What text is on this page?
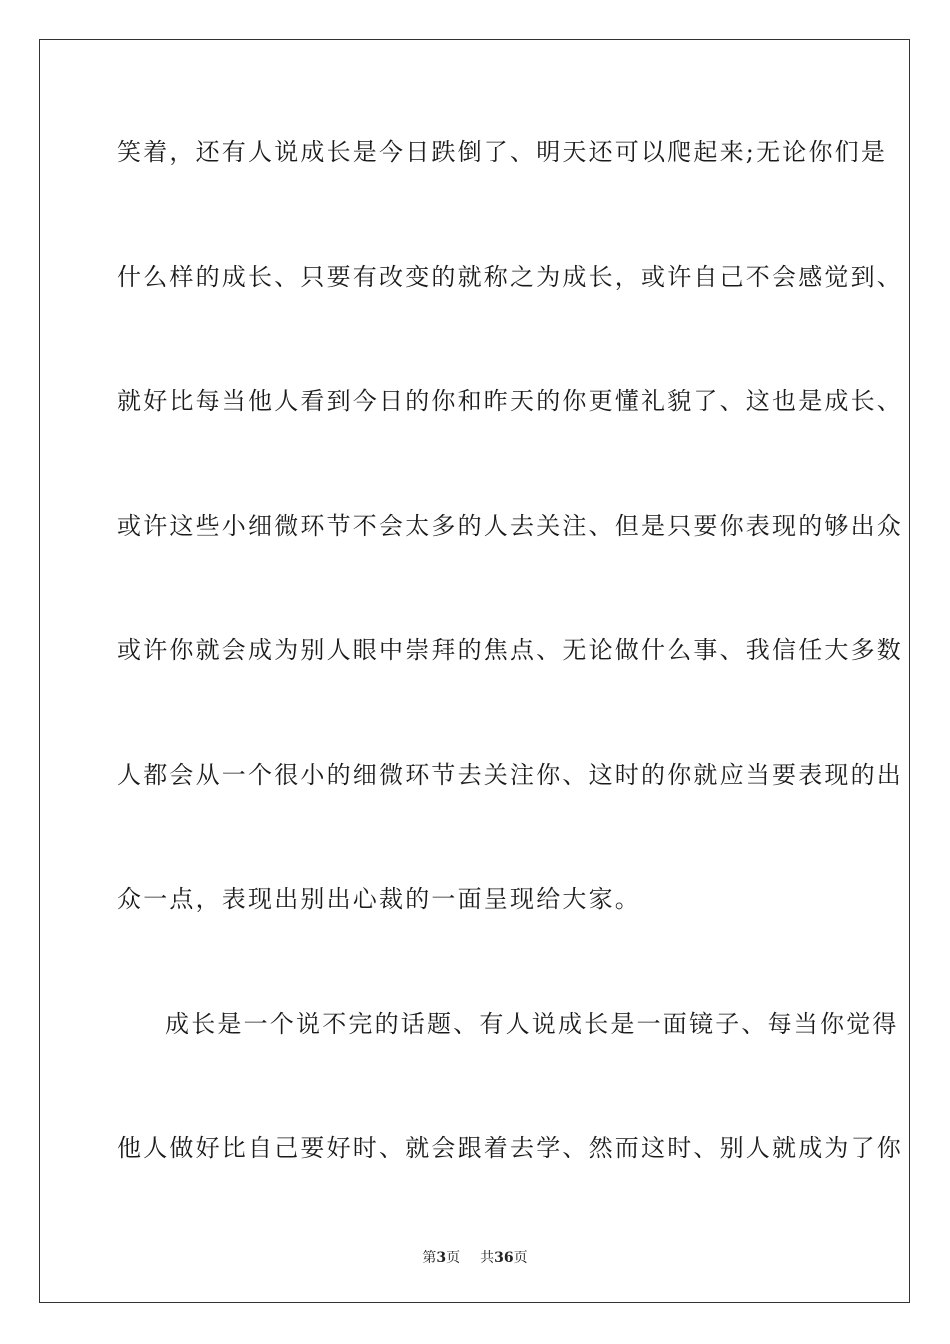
笑着，还有人说成长是今日跌倒了、明天还可以爬起来;无论你们是
什么样的成长、只要有改变的就称之为成长，或许自己不会感觉到、
就好比每当他人看到今日的你和昨天的你更懂礼貌了、这也是成长、
或许这些小细微环节不会太多的人去关注、但是只要你表现的够出众
或许你就会成为别人眼中崇拜的焦点、无论做什么事、我信任大多数
人都会从一个很小的细微环节去关注你、这时的你就应当要表现的出
众一点，表现出别出心裁的一面呈现给大家。
成长是一个说不完的话题、有人说成长是一面镜子、每当你觉得
他人做好比自己要好时、就会跟着去学、然而这时、别人就成为了你
第3页 共36页
